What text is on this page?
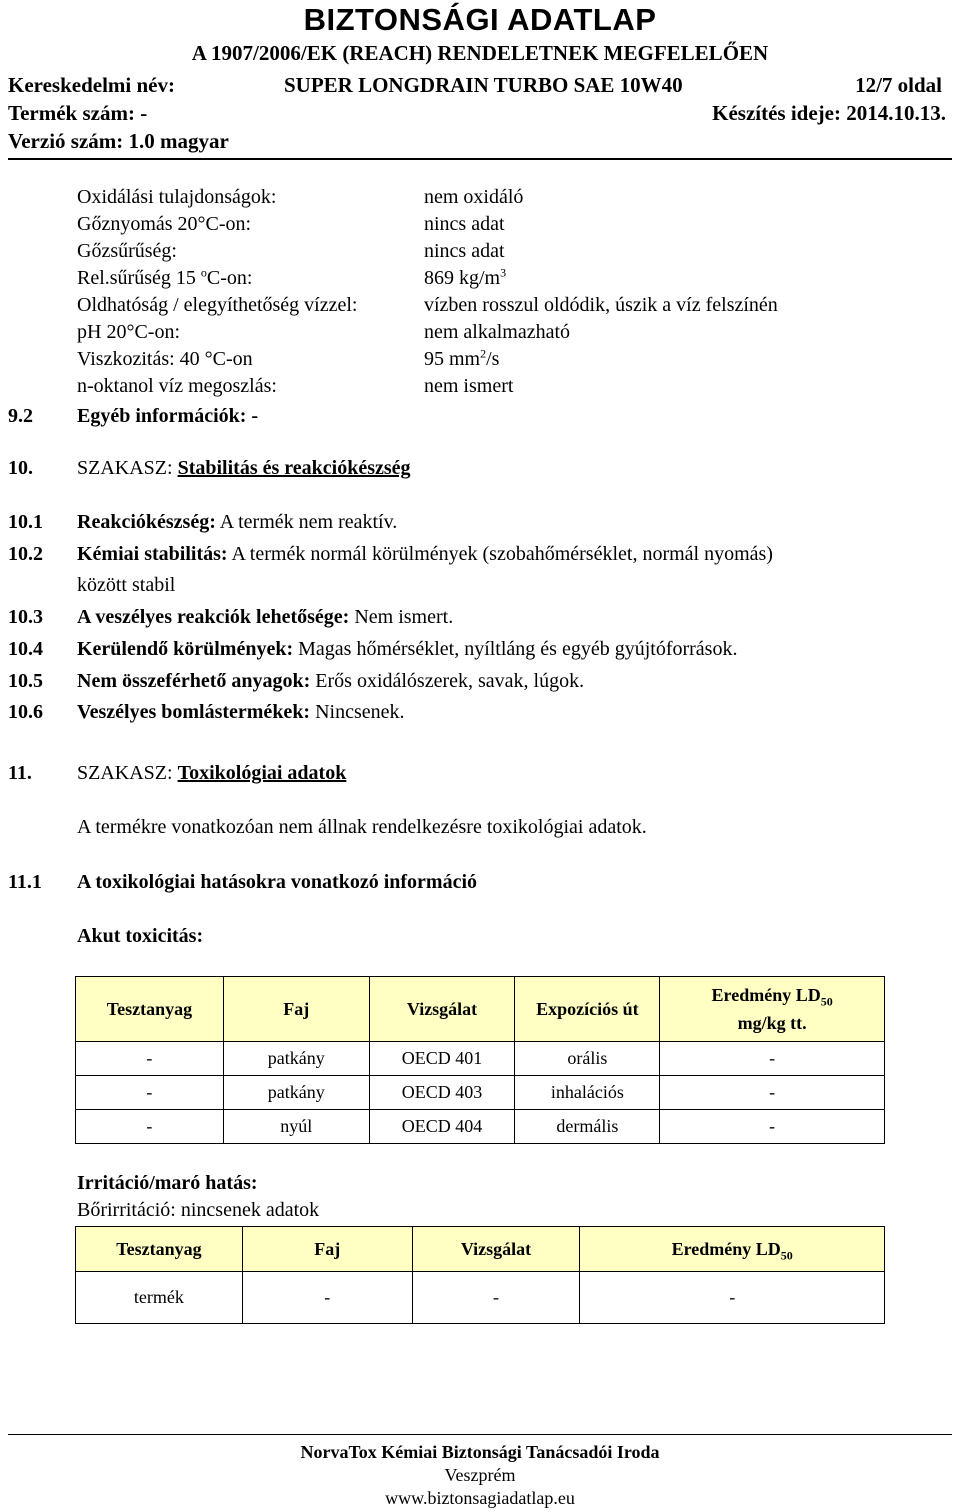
BIZTONSÁGI ADATLAP
A 1907/2006/EK (REACH) RENDELETNEK MEGFELELŐEN
Kereskedelmi név:	SUPER LONGDRAIN TURBO SAE 10W40	12/7 oldal
Termék szám: -	Készítés ideje: 2014.10.13.
Verzió szám: 1.0 magyar
Oxidálási tulajdonságok:	nem oxidáló
Gőznyomás 20°C-on:	nincs adat
Gőzsűrűség:	nincs adat
Rel.sűrűség 15 $^o$C-on:	869 $kg/m^3$
Oldhatóság / elegyíthetőség vízzel:	vízben rosszul oldódik, úszik a víz felszínén
pH 20°C-on:	nem alkalmazható
Viszkozitás: 40 °C-on	95 $mm^2/s$
n-oktanol víz megoszlás:	nem ismert
9.2 Egyéb információk: -
10. SZAKASZ: Stabilitás és reakciókészség
10.1 Reakciókészség: A termék nem reaktív.
10.2 Kémiai stabilitás: A termék normál körülmények (szobahőmérséklet, normál nyomás)
között stabil
10.3 A veszélyes reakciók lehetősége: Nem ismert.
10.4 Kerülendő körülmények: Magas hőmérséklet, nyíltláng és egyéb gyújtóforrások.
10.5 Nem összeférhető anyagok: Erős oxidálószerek, savak, lúgok.
10.6 Veszélyes bomlástermékek: Nincsenek.
11. SZAKASZ: Toxikológiai adatok
A termékre vonatkozóan nem állnak rendelkezésre toxikológiai adatok.
11.1 A toxikológiai hatásokra vonatkozó információ
Akut toxicitás:
Tesztanyag	Faj	Vizsgálat	Expozíciós út	Eredmény $LD_{50}$
mg/kg tt.
-	patkány	OECD 401	orális	-
-	patkány	OECD 403	inhalációs	-
-	nyúl	OECD 404	dermális	-
Irritáció/maró hatás:
Bőrirritáció: nincsenek adatok
Tesztanyag	Faj	Vizsgálat	Eredmény $LD_{50}$
termék	-	-	-
NorvaTox Kémiai Biztonsági Tanácsadói Iroda
Veszprém
www.biztonsagiadatlap.eu
